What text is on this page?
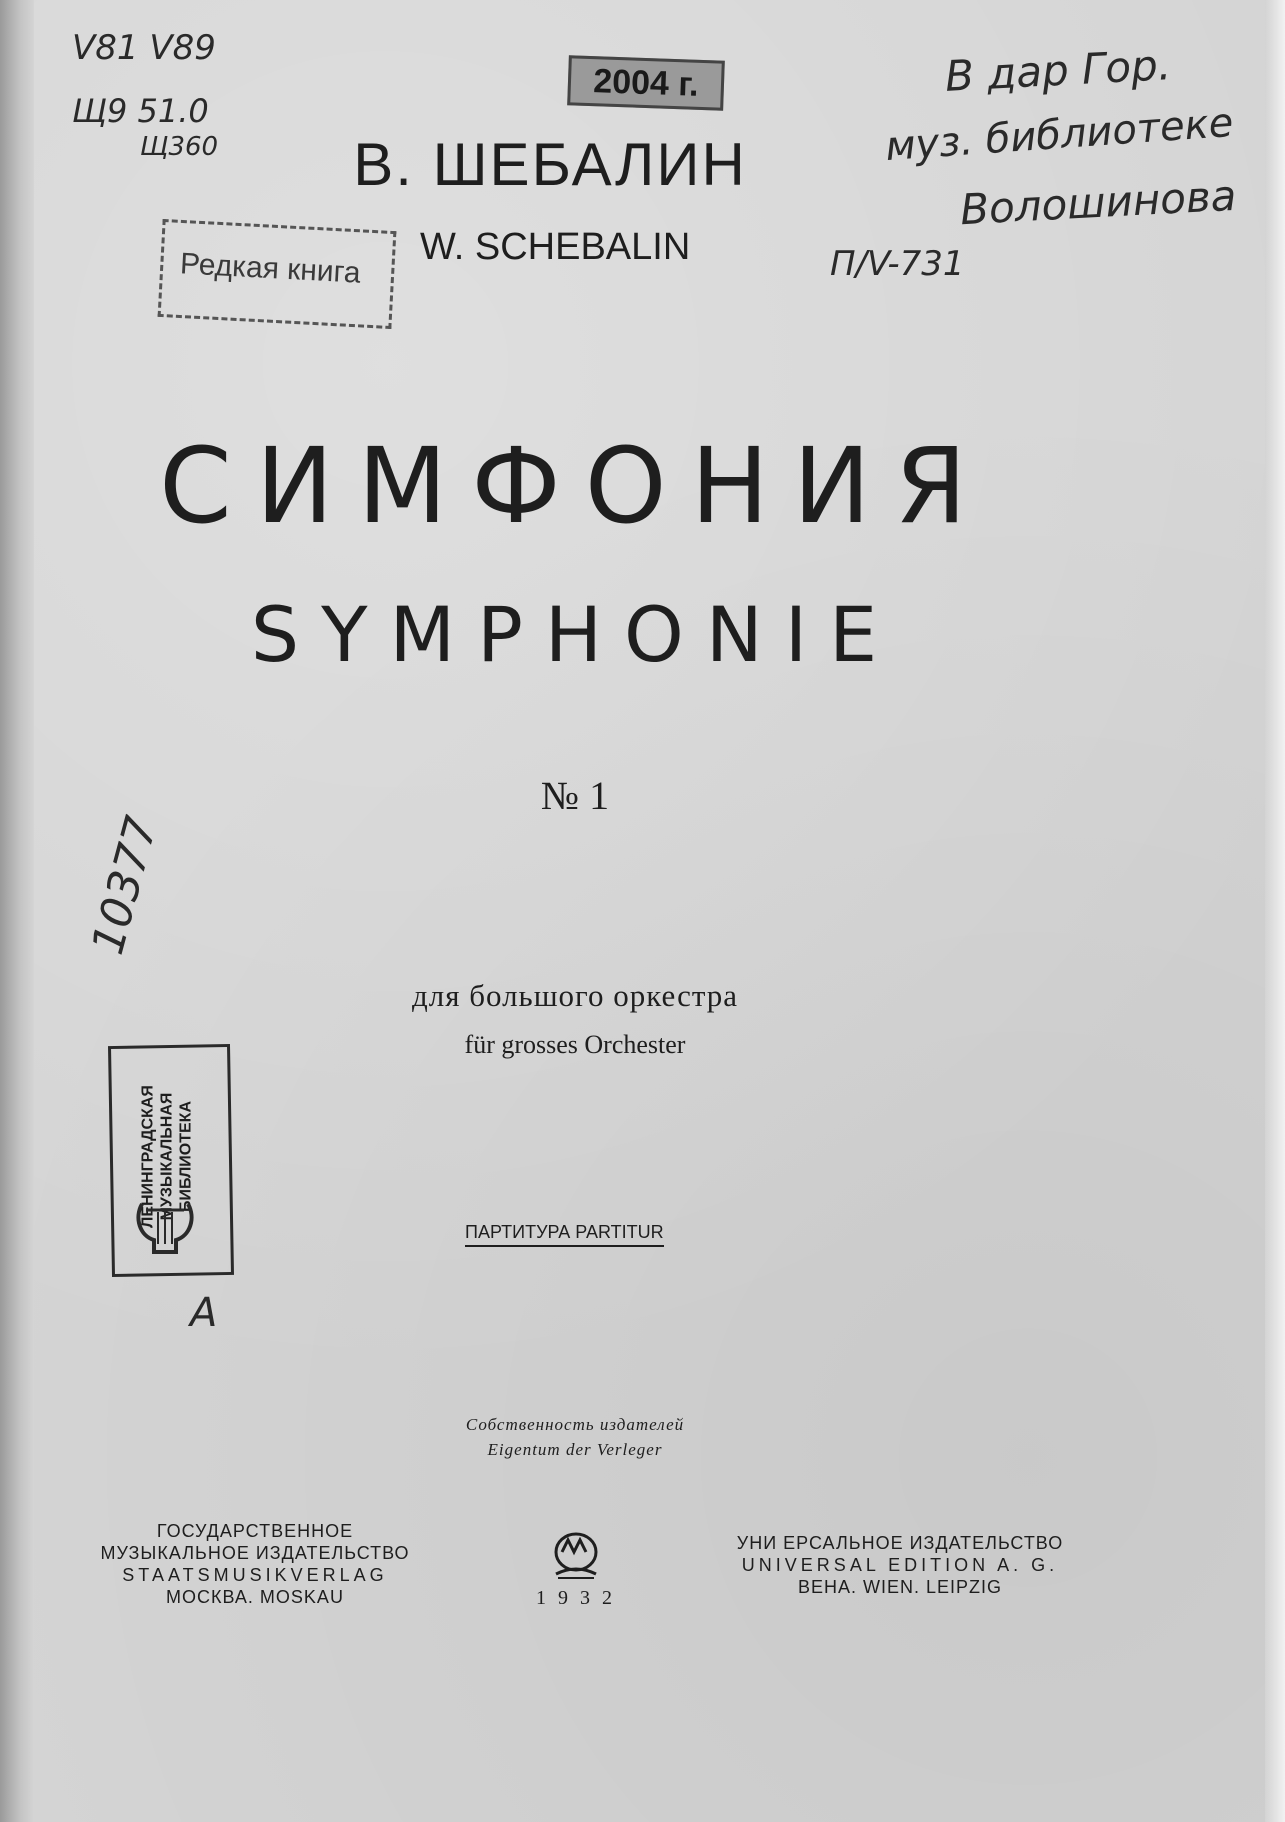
V81 V89
Щ9 51.0
Щ360
В дар Гор.
муз. библиотеке
Волошинова
П/V-731
10377
А
2004 г.
Редкая книга
ЛЕНИНГРАДСКАЯ МУЗЫКАЛЬНАЯ БИБЛИОТЕКА
В. ШЕБАЛИН
W. SCHEBALIN
СИМФОНИЯ
SYMPHONIE
№ 1
для большого оркестра
für grosses Orchester
ПАРТИТУРА PARTITUR
Собственность издателей
Eigentum der Verleger
ГОСУДАРСТВЕННОЕ
МУЗЫКАЛЬНОЕ ИЗДАТЕЛЬСТВО
STAATSMUSIKVERLAG
МОСКВА. MOSKAU	1932
УНИ ЕРСАЛЬНОЕ ИЗДАТЕЛЬСТВО
UNIVERSAL EDITION A. G.
BEHA. WIEN. LEIPZIG
